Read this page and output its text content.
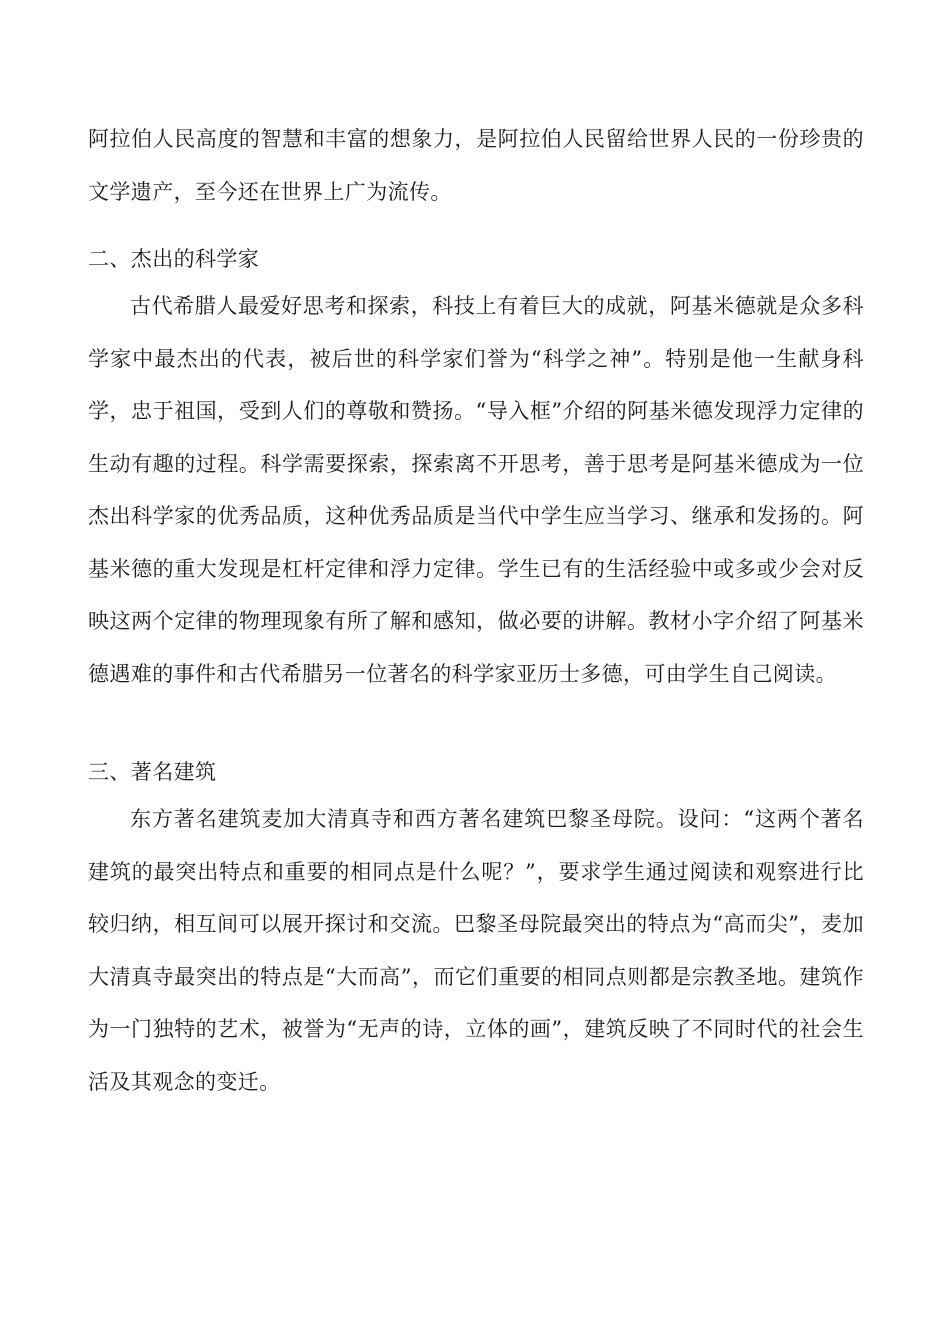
阿拉伯人民高度的智慧和丰富的想象力，是阿拉伯人民留给世界人民的一份珍贵的文学遗产，至今还在世界上广为流传。

二、杰出的科学家

古代希腊人最爱好思考和探索，科技上有着巨大的成就，阿基米德就是众多科学家中最杰出的代表，被后世的科学家们誉为“科学之神”。特别是他一生献身科学，忠于祖国，受到人们的尊敬和赞扬。“导入框”介绍的阿基米德发现浮力定律的生动有趣的过程。科学需要探索，探索离不开思考，善于思考是阿基米德成为一位杰出科学家的优秀品质，这种优秀品质是当代中学生应当学习、继承和发扬的。阿基米德的重大发现是杠杆定律和浮力定律。学生已有的生活经验中或多或少会对反映这两个定律的物理现象有所了解和感知，做必要的讲解。教材小字介绍了阿基米德遇难的事件和古代希腊另一位著名的科学家亚历士多德，可由学生自己阅读。

三、著名建筑

东方著名建筑麦加大清真寺和西方著名建筑巴黎圣母院。设问：“这两个著名建筑的最突出特点和重要的相同点是什么呢？”，要求学生通过阅读和观察进行比较归纳，相互间可以展开探讨和交流。巴黎圣母院最突出的特点为“高而尖”，麦加大清真寺最突出的特点是“大而高”，而它们重要的相同点则都是宗教圣地。建筑作为一门独特的艺术，被誉为“无声的诗，立体的画”，建筑反映了不同时代的社会生活及其观念的变迁。
